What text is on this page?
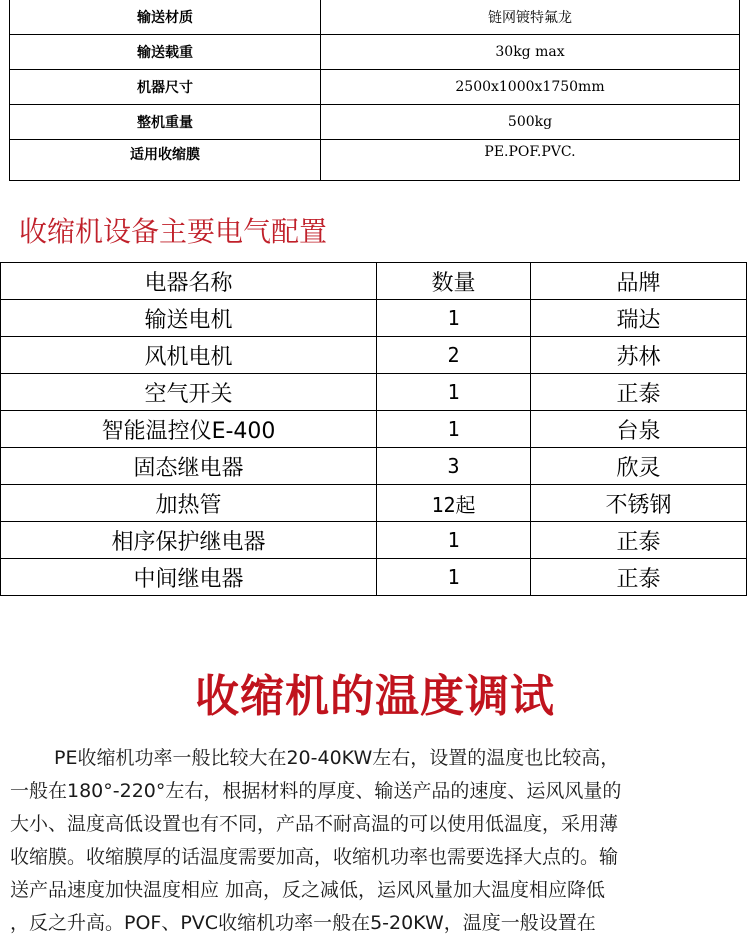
输送材质	链网镀特氟龙
输送载重	30kg max
机器尺寸	2500x1000x1750mm
整机重量	500kg
适用收缩膜	PE.POF.PVC.
收缩机设备主要电气配置
电器名称	数量	品牌
输送电机	1	瑞达
风机电机	2	苏林
空气开关	1	正泰
智能温控仪E-400	1	台泉
固态继电器	3	欣灵
加热管	12起	不锈钢
相序保护继电器	1	正泰
中间继电器	1	正泰
收缩机的温度调试
PE收缩机功率一般比较大在20-40KW左右，设置的温度也比较高，
一般在180°-220°左右，根据材料的厚度、输送产品的速度、运风风量的
大小、温度高低设置也有不同，产品不耐高温的可以使用低温度，采用薄
收缩膜。收缩膜厚的话温度需要加高，收缩机功率也需要选择大点的。输
送产品速度加快温度相应 加高，反之减低，运风风量加大温度相应降低
，反之升高。POF、PVC收缩机功率一般在5-20KW，温度一般设置在
